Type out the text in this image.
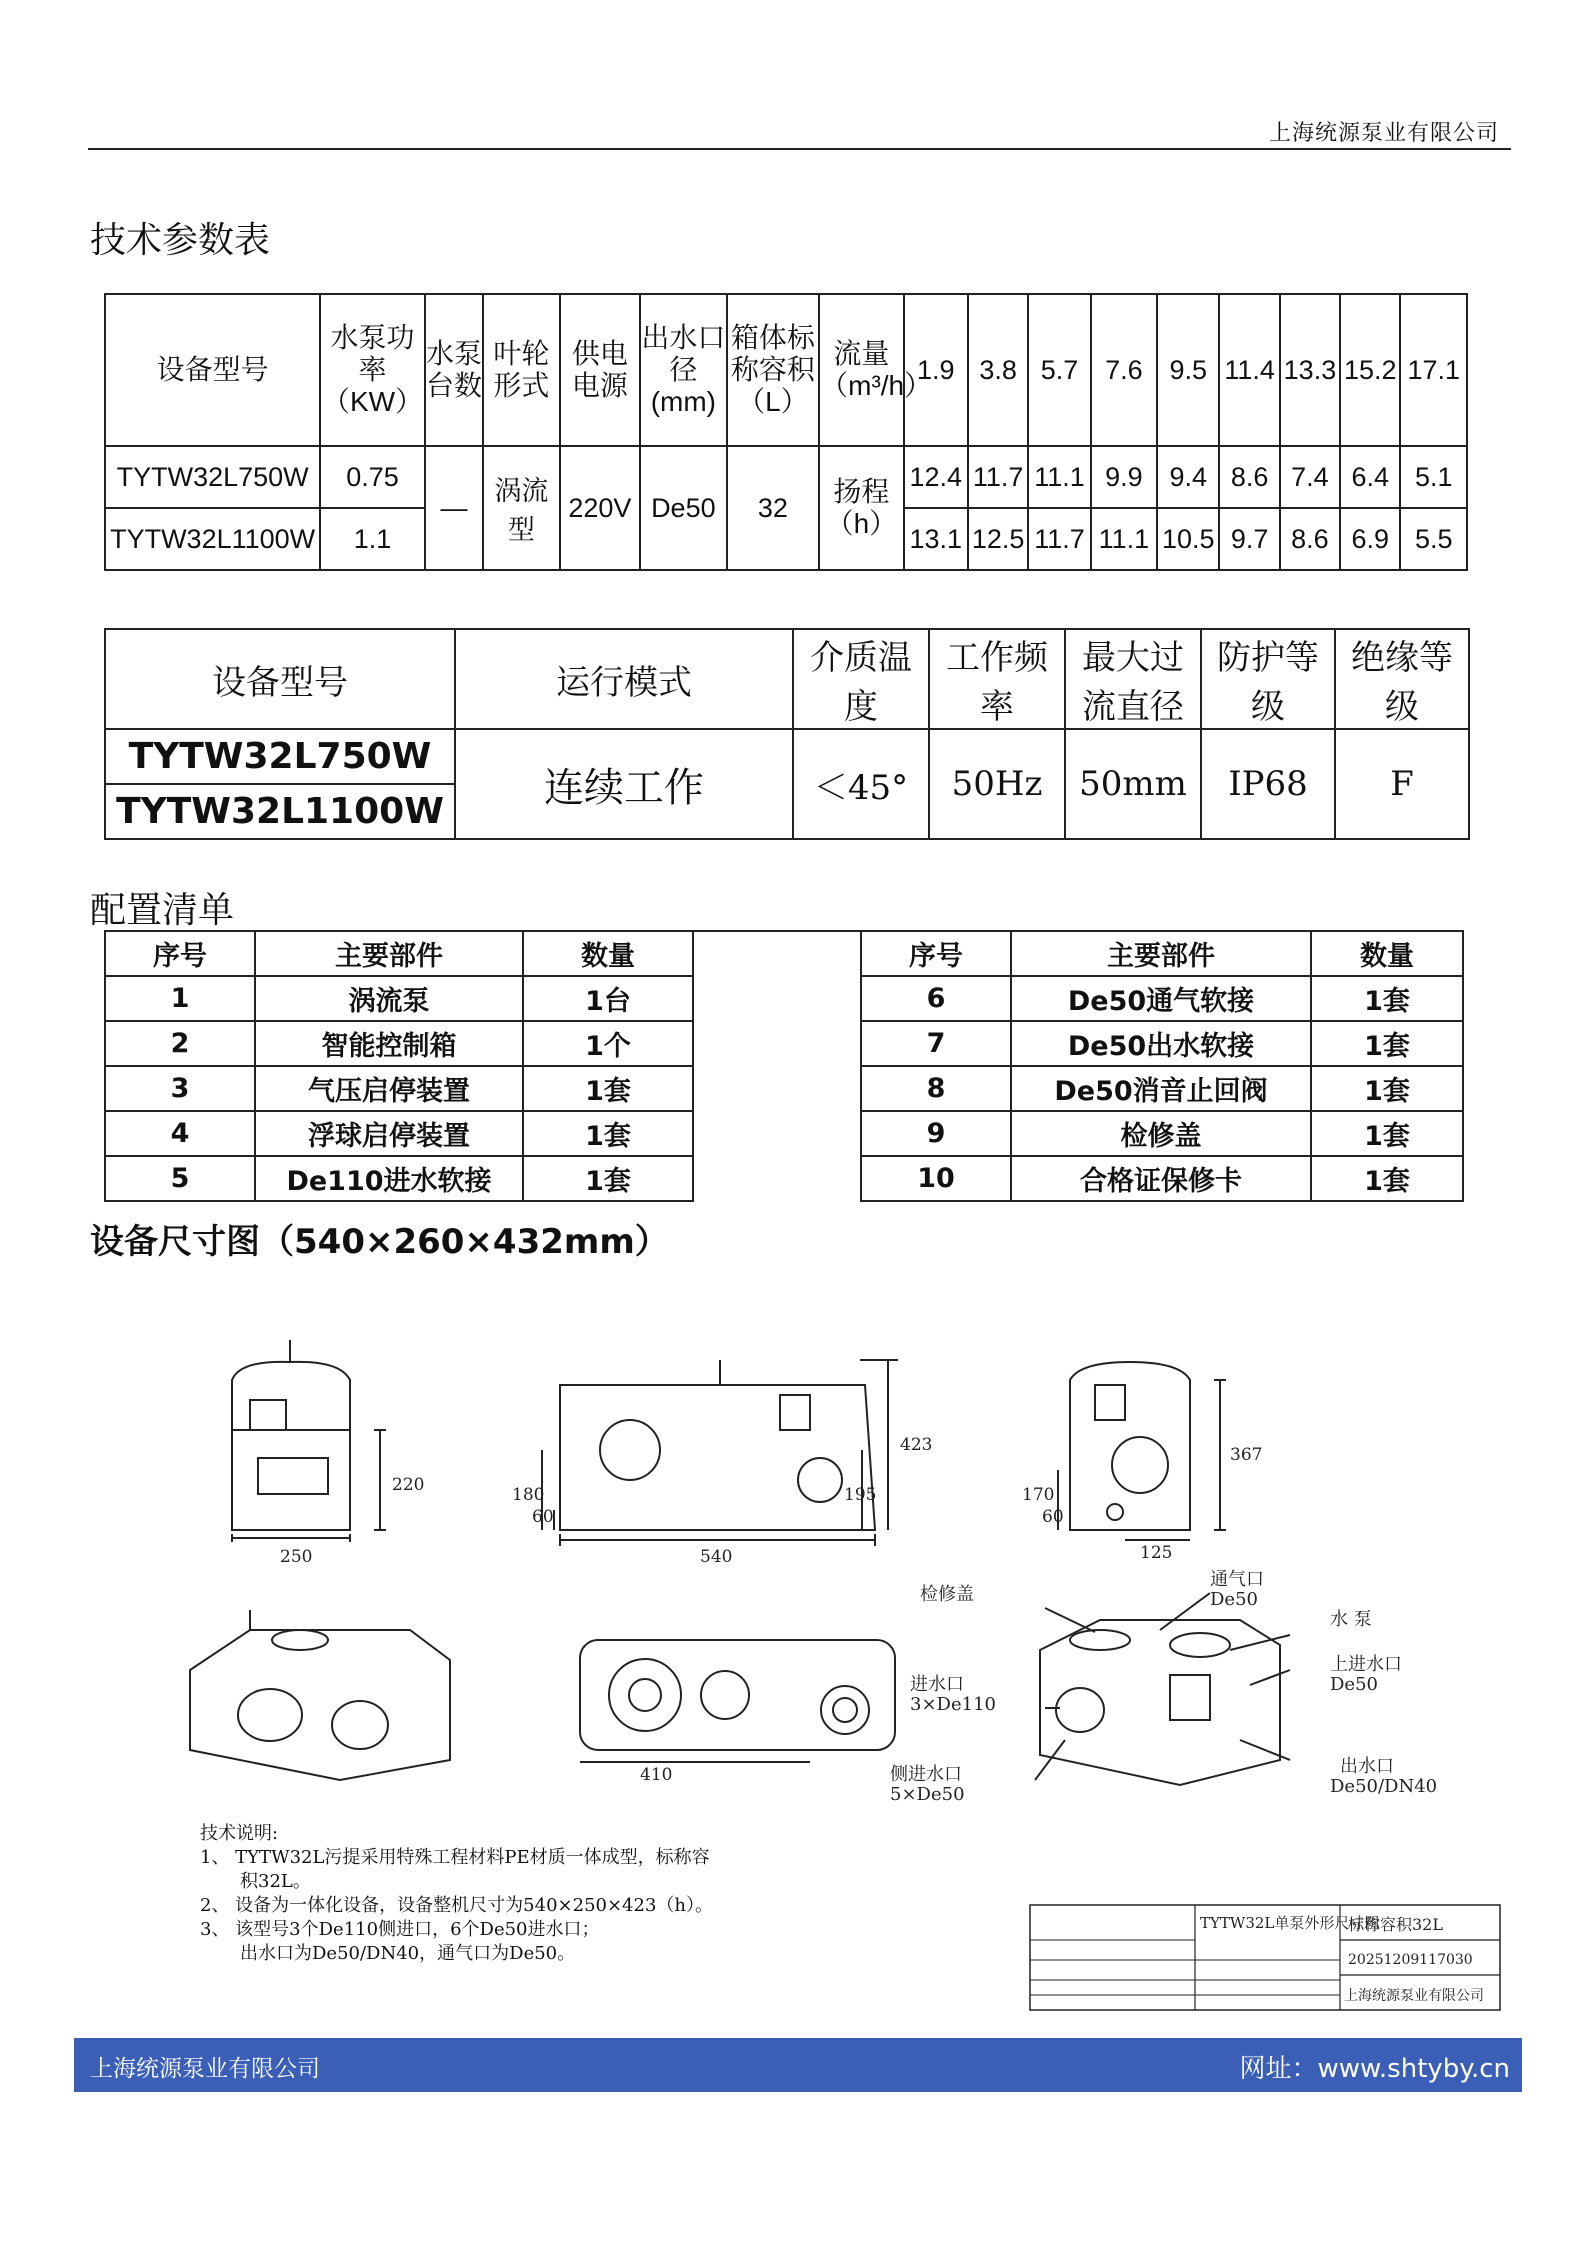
上海统源泵业有限公司
技术参数表
设备型号	水泵功率（KW）	水泵台数	叶轮形式	供电电源	出水口径(mm)	箱体标称容积（L）	流量（m³/h）	1.9	3.8	5.7	7.6	9.5	11.4	13.3	15.2	17.1
TYTW32L750W	0.75	—	涡流型	220V	De50	32	扬程（h）	12.4	11.7	11.1	9.9	9.4	8.6	7.4	6.4	5.1
TYTW32L1100W	1.1							13.1	12.5	11.7	11.1	10.5	9.7	8.6	6.9	5.5
设备型号	运行模式	介质温度	工作频率	最大过流直径	防护等级	绝缘等级
TYTW32L750W	连续工作	＜45°	50Hz	50mm	IP68	F
TYTW32L1100W						
配置清单
序号	主要部件	数量		序号	主要部件	数量
1	涡流泵	1台		6	De50通气软接	1套
2	智能控制箱	1个		7	De50出水软接	1套
3	气压启停装置	1套		8	De50消音止回阀	1套
4	浮球启停装置	1套		9	检修盖	1套
5	De110进水软接	1套		10	合格证保修卡	1套
设备尺寸图（540×260×432mm）
250
220	180
60
540
195
423
170
60
125
367
410
检修盖
通气口
De50
水 泵
进水口
3×De110
上进水口
De50
侧进水口
5×De50
出水口
De50/DN40
TYTW32L单泵外形尺寸图
标称容积32L
20251209117030
上海统源泵业有限公司
技术说明:
1、 TYTW32L污提采用特殊工程材料PE材质一体成型，标称容
积32L。
2、 设备为一体化设备，设备整机尺寸为540×250×423（h）。
3、 该型号3个De110侧进口，6个De50进水口；
出水口为De50/DN40，通气口为De50。
上海统源泵业有限公司	网址：www.shtyby.cn
